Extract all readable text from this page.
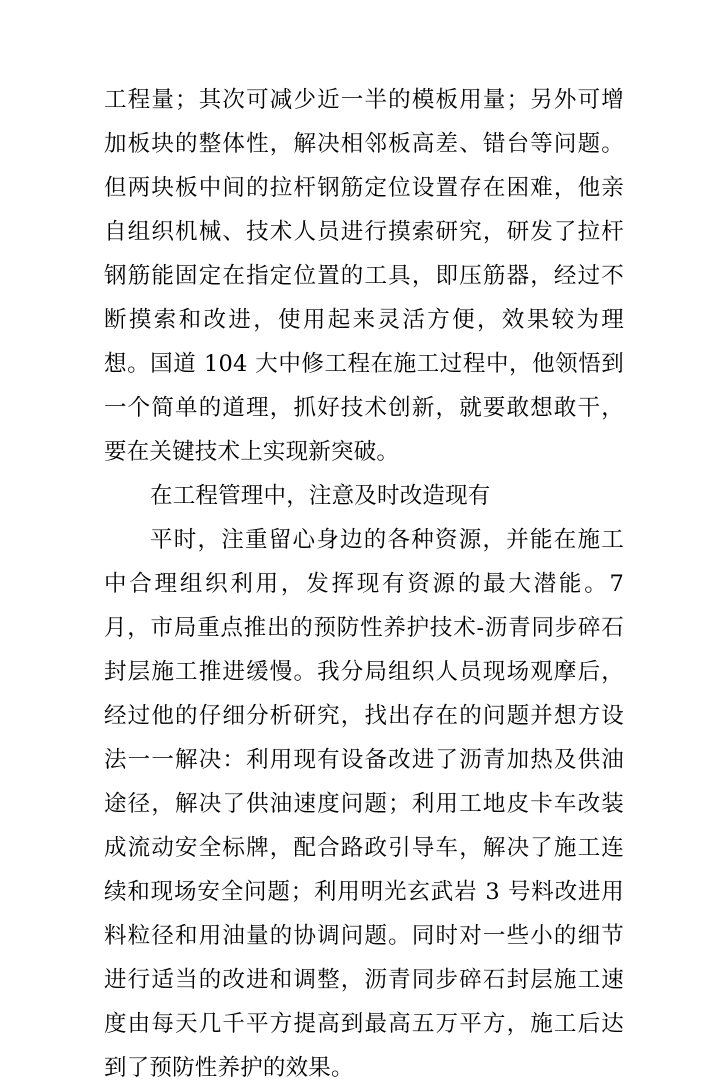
工程量；其次可减少近一半的模板用量；另外可增加板块的整体性，解决相邻板高差、错台等问题。但两块板中间的拉杆钢筋定位设置存在困难，他亲自组织机械、技术人员进行摸索研究，研发了拉杆钢筋能固定在指定位置的工具，即压筋器，经过不断摸索和改进，使用起来灵活方便，效果较为理想。国道 104 大中修工程在施工过程中，他领悟到一个简单的道理，抓好技术创新，就要敢想敢干，要在关键技术上实现新突破。

在工程管理中，注意及时改造现有

平时，注重留心身边的各种资源，并能在施工中合理组织利用，发挥现有资源的最大潜能。7 月，市局重点推出的预防性养护技术-沥青同步碎石封层施工推进缓慢。我分局组织人员现场观摩后，经过他的仔细分析研究，找出存在的问题并想方设法一一解决：利用现有设备改进了沥青加热及供油途径，解决了供油速度问题；利用工地皮卡车改装成流动安全标牌，配合路政引导车，解决了施工连续和现场安全问题；利用明光玄武岩 3 号料改进用料粒径和用油量的协调问题。同时对一些小的细节进行适当的改进和调整，沥青同步碎石封层施工速度由每天几千平方提高到最高五万平方，施工后达到了预防性养护的效果。
